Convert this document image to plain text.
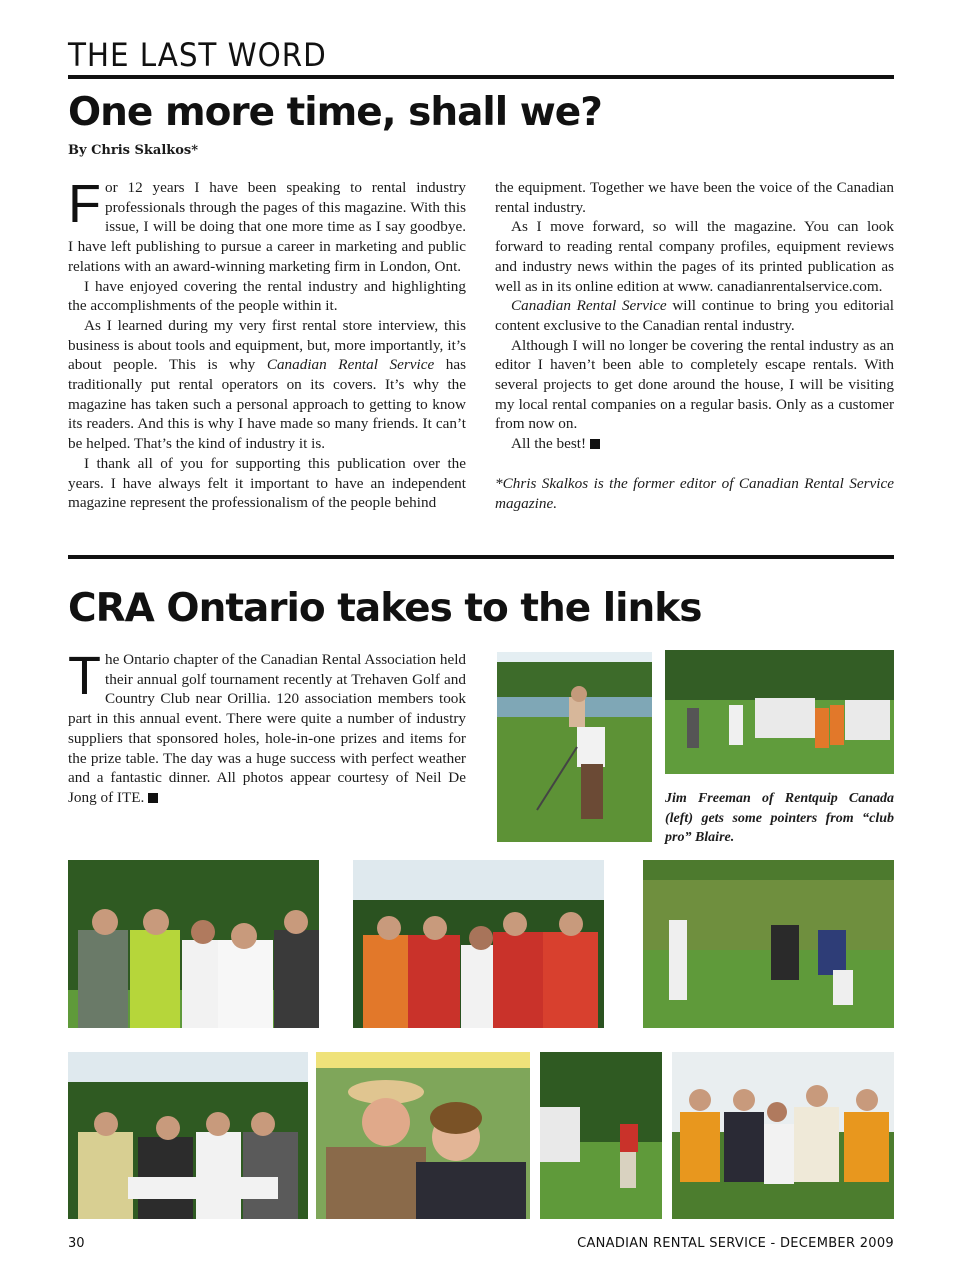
THE LAST WORD
One more time, shall we?
By Chris Skalkos*

For 12 years I have been speaking to rental industry professionals through the pages of this magazine. With this issue, I will be doing that one more time as I say goodbye. I have left publishing to pursue a career in marketing and public relations with an award-winning marketing firm in London, Ont.

I have enjoyed covering the rental industry and highlighting the accomplishments of the people within it.

As I learned during my very first rental store interview, this business is about tools and equipment, but, more importantly, it’s about people. This is why Canadian Rental Service has traditionally put rental operators on its covers. It’s why the magazine has taken such a personal approach to getting to know its readers. And this is why I have made so many friends. It can’t be helped. That’s the kind of industry it is.

I thank all of you for supporting this publication over the years. I have always felt it important to have an independent magazine represent the professionalism of the people behind

CRA Ontario takes to the links

The Ontario chapter of the Canadian Rental Association held their annual golf tournament recently at Trehaven Golf and Country Club near Orillia. 120 association members took part in this annual event. There were quite a number of industry suppliers that sponsored holes, hole-in-one prizes and items for the prize table. The day was a huge success with perfect weather and a fantastic dinner. All photos appear courtesy of Neil De Jong of ITE.	Jim Freeman of Rentquip Canada (left) gets some pointers from “club pro” Blaire.
30	CANADIAN RENTAL SERVICE - DECEMBER 2009

the equipment. Together we have been the voice of the Canadian rental industry.

As I move forward, so will the magazine. You can look forward to reading rental company profiles, equipment reviews and industry news within the pages of its printed publication as well as in its online edition at www. canadianrentalservice.com.

Canadian Rental Service will continue to bring you editorial content exclusive to the Canadian rental industry.

Although I will no longer be covering the rental industry as an editor I haven’t been able to completely escape rentals. With several projects to get done around the house, I will be visiting my local rental companies on a regular basis. Only as a customer from now on.

All the best!

*Chris Skalkos is the former editor of Canadian Rental Service magazine.
